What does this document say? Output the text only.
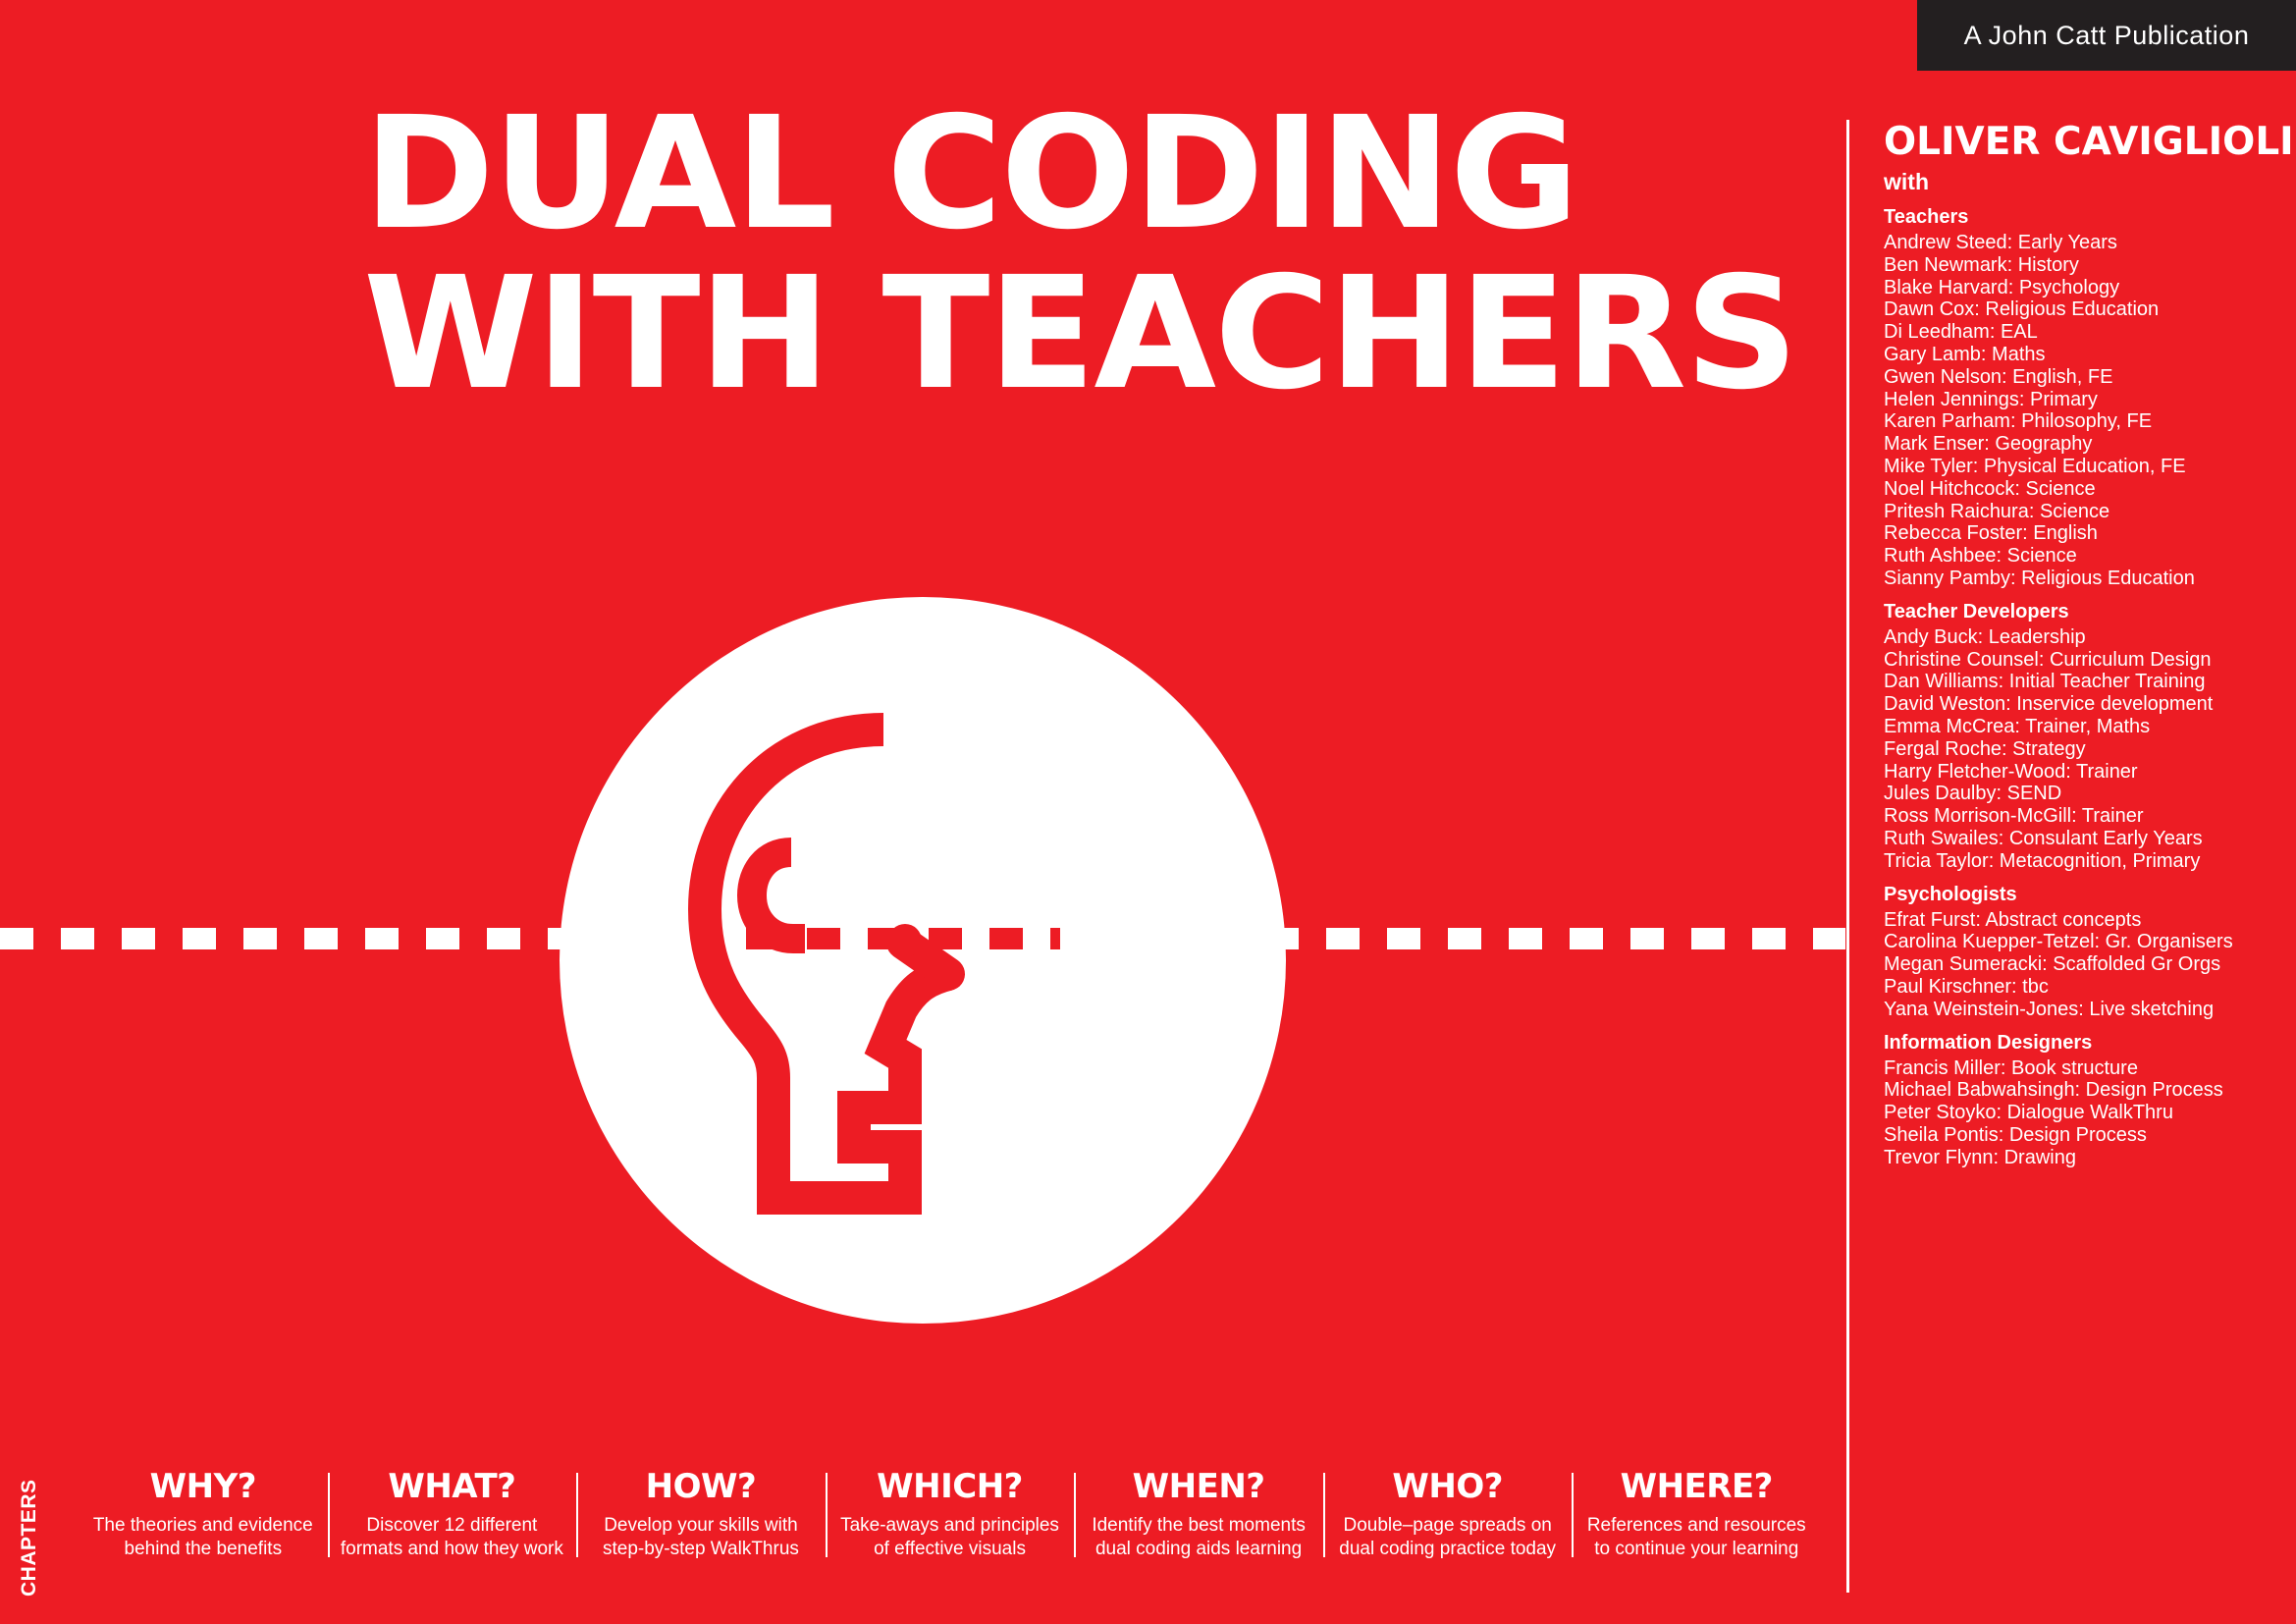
A John Catt Publication
DUAL CODING
WITH TEACHERS
OLIVER CAVIGLIOLI
with
Teachers
Andrew Steed: Early Years
Ben Newmark: History
Blake Harvard: Psychology
Dawn Cox: Religious Education
Di Leedham: EAL
Gary Lamb: Maths
Gwen Nelson: English, FE
Helen Jennings: Primary
Karen Parham: Philosophy, FE
Mark Enser: Geography
Mike Tyler: Physical Education, FE
Noel Hitchcock: Science
Pritesh Raichura: Science
Rebecca Foster: English
Ruth Ashbee: Science
Sianny Pamby: Religious Education
Teacher Developers
Andy Buck: Leadership
Christine Counsel: Curriculum Design
Dan Williams: Initial Teacher Training
David Weston: Inservice development
Emma McCrea: Trainer, Maths
Fergal Roche: Strategy
Harry Fletcher-Wood: Trainer
Jules Daulby: SEND
Ross Morrison-McGill: Trainer
Ruth Swailes: Consulant Early Years
Tricia Taylor: Metacognition, Primary
Psychologists
Efrat Furst: Abstract concepts
Carolina Kuepper-Tetzel: Gr. Organisers
Megan Sumeracki: Scaffolded Gr Orgs
Paul Kirschner: tbc
Yana Weinstein-Jones: Live sketching
Information Designers
Francis Miller: Book structure
Michael Babwahsingh: Design Process
Peter Stoyko: Dialogue WalkThru
Sheila Pontis: Design Process
Trevor Flynn: Drawing
CHAPTERS	WHY?
The theories and evidence behind the benefits
WHAT?
Discover 12 different formats and how they work
HOW?
Develop your skills with step-by-step WalkThrus
WHICH?
Take-aways and principles of effective visuals
WHEN?
Identify the best moments dual coding aids learning
WHO?
Double–page spreads on dual coding practice today
WHERE?
References and resources to continue your learning
